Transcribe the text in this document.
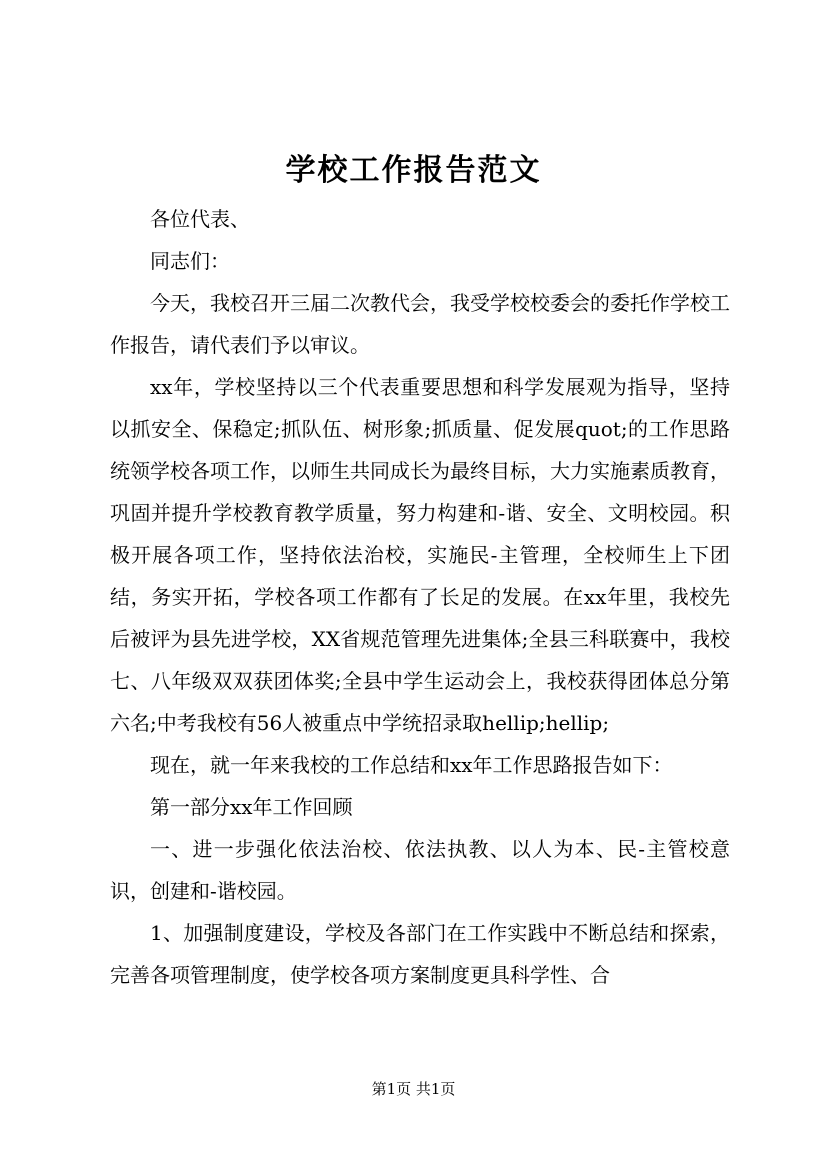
学校工作报告范文

各位代表、

同志们：

今天，我校召开三届二次教代会，我受学校校委会的委托作学校工作报告，请代表们予以审议。

xx年，学校坚持以三个代表重要思想和科学发展观为指导，坚持以抓安全、保稳定;抓队伍、树形象;抓质量、促发展quot;的工作思路统领学校各项工作，以师生共同成长为最终目标，大力实施素质教育，巩固并提升学校教育教学质量，努力构建和-谐、安全、文明校园。积极开展各项工作，坚持依法治校，实施民-主管理，全校师生上下团结，务实开拓，学校各项工作都有了长足的发展。在xx年里，我校先后被评为县先进学校，XX省规范管理先进集体;全县三科联赛中，我校七、八年级双双获团体奖;全县中学生运动会上，我校获得团体总分第六名;中考我校有56人被重点中学统招录取hellip;hellip;

现在，就一年来我校的工作总结和xx年工作思路报告如下：

第一部分xx年工作回顾

一、进一步强化依法治校、依法执教、以人为本、民-主管校意识，创建和-谐校园。

1、加强制度建设，学校及各部门在工作实践中不断总结和探索，完善各项管理制度，使学校各项方案制度更具科学性、合

第1页 共1页
